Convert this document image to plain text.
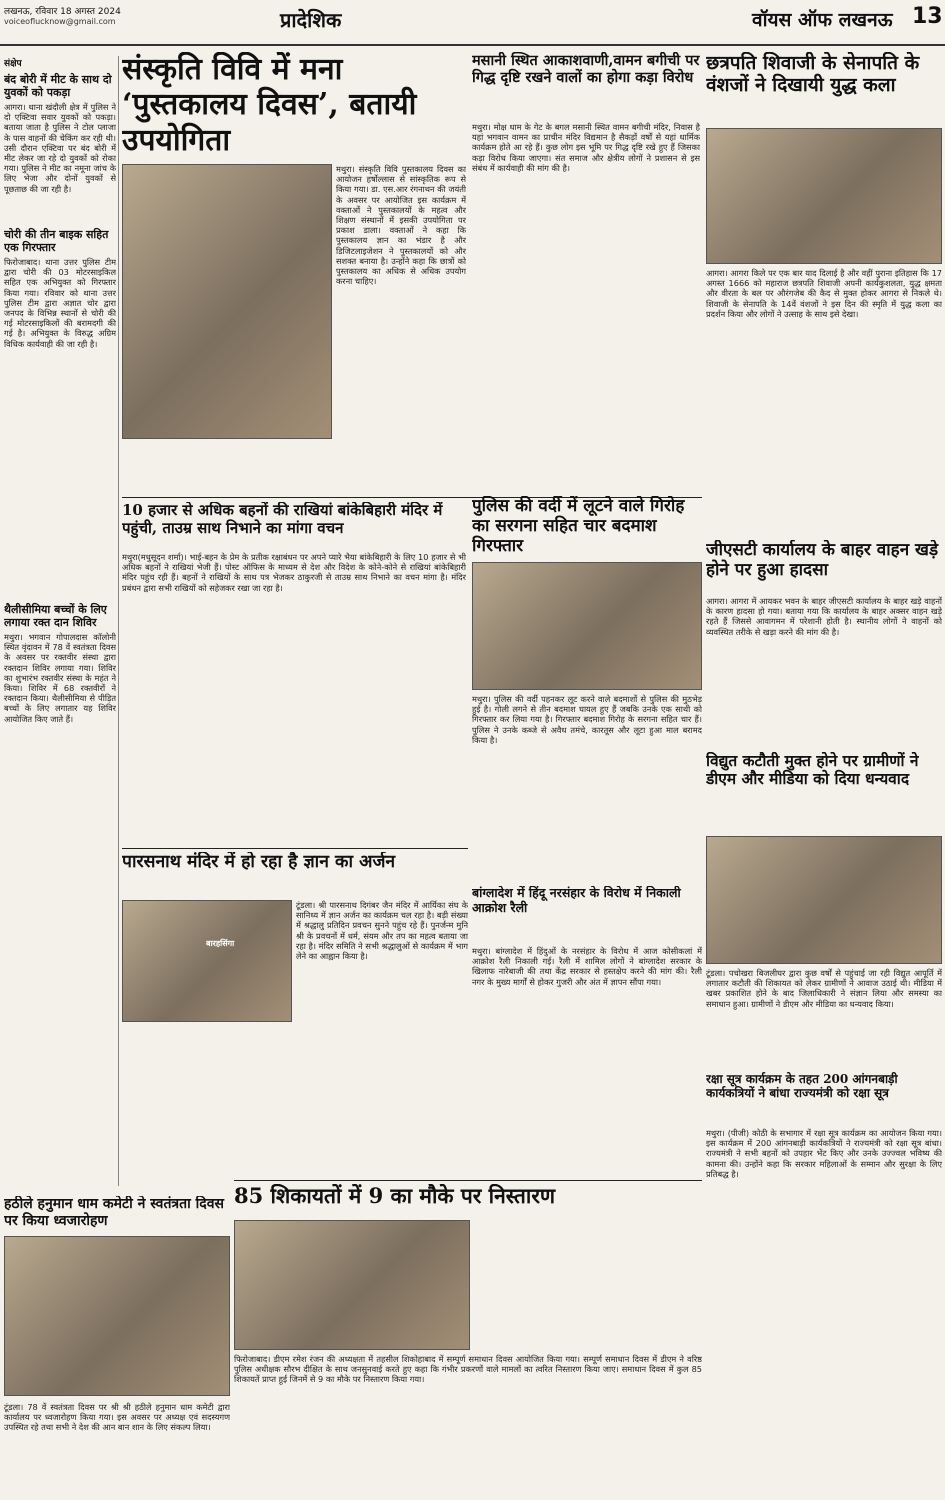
लखनऊ, रविवार 18 अगस्त 2024
voiceoflucknow@gmail.com	प्रादेशिक	वॉयस ऑफ लखनऊ 13
संक्षेप
बंद बोरी में मीट के साथ दो युवकों को पकड़ा
आगरा। थाना खंदौली क्षेत्र में पुलिस ने दो एक्टिवा सवार युवकों को पकड़ा। बताया जाता है पुलिस ने टोल प्लाजा के पास वाहनों की चेकिंग कर रही थी। उसी दौरान एक्टिवा पर बंद बोरी में मीट लेकर जा रहे दो युवकों को रोका गया। पुलिस ने मीट का नमूना जांच के लिए भेजा और दोनों युवकों से पूछताछ की जा रही है।
चोरी की तीन बाइक सहित एक गिरफ्तार
फिरोजाबाद। थाना उत्तर पुलिस टीम द्वारा चोरी की 03 मोटरसाइकिल सहित एक अभियुक्त को गिरफ्तार किया गया। रविवार को थाना उत्तर पुलिस टीम द्वारा अज्ञात चोर द्वारा जनपद के विभिन्न स्थानों से चोरी की गई मोटरसाइकिलों की बरामदगी की गई है। अभियुक्त के विरुद्ध अग्रिम विधिक कार्यवाही की जा रही है।
थैलीसीमिया बच्चों के लिए लगाया रक्त दान शिविर
मथुरा। भगवान गोपालदास कॉलोनी स्थित वृंदावन में 78 वें स्वतंत्रता दिवस के अवसर पर रक्तवीर संस्था द्वारा रक्तदान शिविर लगाया गया। शिविर का शुभारंभ रक्तवीर संस्था के महंत ने किया। शिविर में 68 रक्तवीरों ने रक्तदान किया। थैलीसीमिया से पीड़ित बच्चों के लिए लगातार यह शिविर आयोजित किए जाते हैं।
हठीले हनुमान धाम कमेटी ने स्वतंत्रता दिवस पर किया ध्वजारोहण
टूंडला। 78 वें स्वतंत्रता दिवस पर श्री श्री हठीले हनुमान धाम कमेटी द्वारा कार्यालय पर ध्वजारोहण किया गया। इस अवसर पर अध्यक्ष एवं सदस्यगण उपस्थित रहे तथा सभी ने देश की आन बान शान के लिए संकल्प लिया।
संस्कृति विवि में मना ‘पुस्तकालय दिवस’, बतायी उपयोगिता
मथुरा। संस्कृति विवि पुस्तकालय दिवस का आयोजन हर्षोल्लास से सांस्कृतिक रूप से किया गया। डा. एस.आर रंगनाथन की जयंती के अवसर पर आयोजित इस कार्यक्रम में वक्ताओं ने पुस्तकालयों के महत्व और शिक्षण संस्थानों में इसकी उपयोगिता पर प्रकाश डाला। वक्ताओं ने कहा कि पुस्तकालय ज्ञान का भंडार है और डिजिटलाइजेशन ने पुस्तकालयों को और सशक्त बनाया है। उन्होंने कहा कि छात्रों को पुस्तकालय का अधिक से अधिक उपयोग करना चाहिए।
मसानी स्थित आकाशवाणी,वामन बगीची पर गिद्ध दृष्टि रखने वालों का होगा कड़ा विरोध
मथुरा। मोक्ष धाम के गेट के बगल मसानी स्थित वामन बगीची मंदिर, निवास है यहां भगवान वामन का प्राचीन मंदिर विद्यमान है सैकड़ों वर्षों से यहां धार्मिक कार्यक्रम होते आ रहे हैं। कुछ लोग इस भूमि पर गिद्ध दृष्टि रखे हुए हैं जिसका कड़ा विरोध किया जाएगा। संत समाज और क्षेत्रीय लोगों ने प्रशासन से इस संबंध में कार्यवाही की मांग की है।
छत्रपति शिवाजी के सेनापति के वंशजों ने दिखायी युद्ध कला
आगरा। आगरा किले पर एक बार याद दिलाई है और वहीं पुराना इतिहास कि 17 अगस्त 1666 को महाराज छत्रपति शिवाजी अपनी कार्यकुशलता, युद्ध क्षमता और वीरता के बल पर औरंगजेब की कैद से मुक्त होकर आगरा से निकले थे। शिवाजी के सेनापति के 14वें वंशजों ने इस दिन की स्मृति में युद्ध कला का प्रदर्शन किया और लोगों ने उत्साह के साथ इसे देखा।
10 हजार से अधिक बहनों की राखियां बांकेबिहारी मंदिर में पहुंची, ताउम्र साथ निभाने का मांगा वचन
मथुरा(मधुसूदन शर्मा)। भाई-बहन के प्रेम के प्रतीक रक्षाबंधन पर अपने प्यारे भैया बांकेबिहारी के लिए 10 हजार से भी अधिक बहनों ने राखियां भेजी हैं। पोस्ट ऑफिस के माध्यम से देश और विदेश के कोने-कोने से राखियां बांकेबिहारी मंदिर पहुंच रही हैं। बहनों ने राखियों के साथ पत्र भेजकर ठाकुरजी से ताउम्र साथ निभाने का वचन मांगा है। मंदिर प्रबंधन द्वारा सभी राखियों को सहेजकर रखा जा रहा है।
पुलिस की वर्दी में लूटने वाले गिरोह का सरगना सहित चार बदमाश गिरफ्तार
मथुरा। पुलिस की वर्दी पहनकर लूट करने वाले बदमाशों से पुलिस की मुठभेड़ हुई है। गोली लगने से तीन बदमाश घायल हुए हैं जबकि उनके एक साथी को गिरफ्तार कर लिया गया है। गिरफ्तार बदमाश गिरोह के सरगना सहित चार हैं। पुलिस ने उनके कब्जे से अवैध तमंचे, कारतूस और लूटा हुआ माल बरामद किया है।
जीएसटी कार्यालय के बाहर वाहन खड़े होने पर हुआ हादसा
आगरा। आगरा में आयकर भवन के बाहर जीएसटी कार्यालय के बाहर खड़े वाहनों के कारण हादसा हो गया। बताया गया कि कार्यालय के बाहर अक्सर वाहन खड़े रहते हैं जिससे आवागमन में परेशानी होती है। स्थानीय लोगों ने वाहनों को व्यवस्थित तरीके से खड़ा करने की मांग की है।
विद्युत कटौती मुक्त होने पर ग्रामीणों ने डीएम और मीडिया को दिया धन्यवाद
टूंडला। पचोखरा बिजलीघर द्वारा कुछ वर्षों से पहुंचाई जा रही विद्युत आपूर्ति में लगातार कटौती की शिकायत को लेकर ग्रामीणों ने आवाज उठाई थी। मीडिया में खबर प्रकाशित होने के बाद जिलाधिकारी ने संज्ञान लिया और समस्या का समाधान हुआ। ग्रामीणों ने डीएम और मीडिया का धन्यवाद किया।
पारसनाथ मंदिर में हो रहा है ज्ञान का अर्जन
बारहसिंगा
टूंडला। श्री पारसनाथ दिगंबर जैन मंदिर में आर्यिका संघ के सानिध्य में ज्ञान अर्जन का कार्यक्रम चल रहा है। बड़ी संख्या में श्रद्धालु प्रतिदिन प्रवचन सुनने पहुंच रहे हैं। पुनर्जन्म मुनि श्री के प्रवचनों में धर्म, संयम और तप का महत्व बताया जा रहा है। मंदिर समिति ने सभी श्रद्धालुओं से कार्यक्रम में भाग लेने का आह्वान किया है।
बांग्लादेश में हिंदू नरसंहार के विरोध में निकाली आक्रोश रैली
मथुरा। बांग्लादेश में हिंदुओं के नरसंहार के विरोध में आज कोसीकलां में आक्रोश रैली निकाली गई। रैली में शामिल लोगों ने बांग्लादेश सरकार के खिलाफ नारेबाजी की तथा केंद्र सरकार से हस्तक्षेप करने की मांग की। रैली नगर के मुख्य मार्गों से होकर गुजरी और अंत में ज्ञापन सौंपा गया।
रक्षा सूत्र कार्यक्रम के तहत 200 आंगनबाड़ी कार्यकत्रियों ने बांधा राज्यमंत्री को रक्षा सूत्र
मथुरा। (पीजी) कोठी के सभागार में रक्षा सूत्र कार्यक्रम का आयोजन किया गया। इस कार्यक्रम में 200 आंगनबाड़ी कार्यकत्रियों ने राज्यमंत्री को रक्षा सूत्र बांधा। राज्यमंत्री ने सभी बहनों को उपहार भेंट किए और उनके उज्ज्वल भविष्य की कामना की। उन्होंने कहा कि सरकार महिलाओं के सम्मान और सुरक्षा के लिए प्रतिबद्ध है।
85 शिकायतों में 9 का मौके पर निस्तारण
फिरोजाबाद। डीएम रमेश रंजन की अध्यक्षता में तहसील शिकोहाबाद में सम्पूर्ण समाधान दिवस आयोजित किया गया। सम्पूर्ण समाधान दिवस में डीएम ने वरिष्ठ पुलिस अधीक्षक सौरभ दीक्षित के साथ जनसुनवाई करते हुए कहा कि गंभीर प्रकरणों वाले मामलों का त्वरित निस्तारण किया जाए। समाधान दिवस में कुल 85 शिकायतें प्राप्त हुई जिनमें से 9 का मौके पर निस्तारण किया गया।
